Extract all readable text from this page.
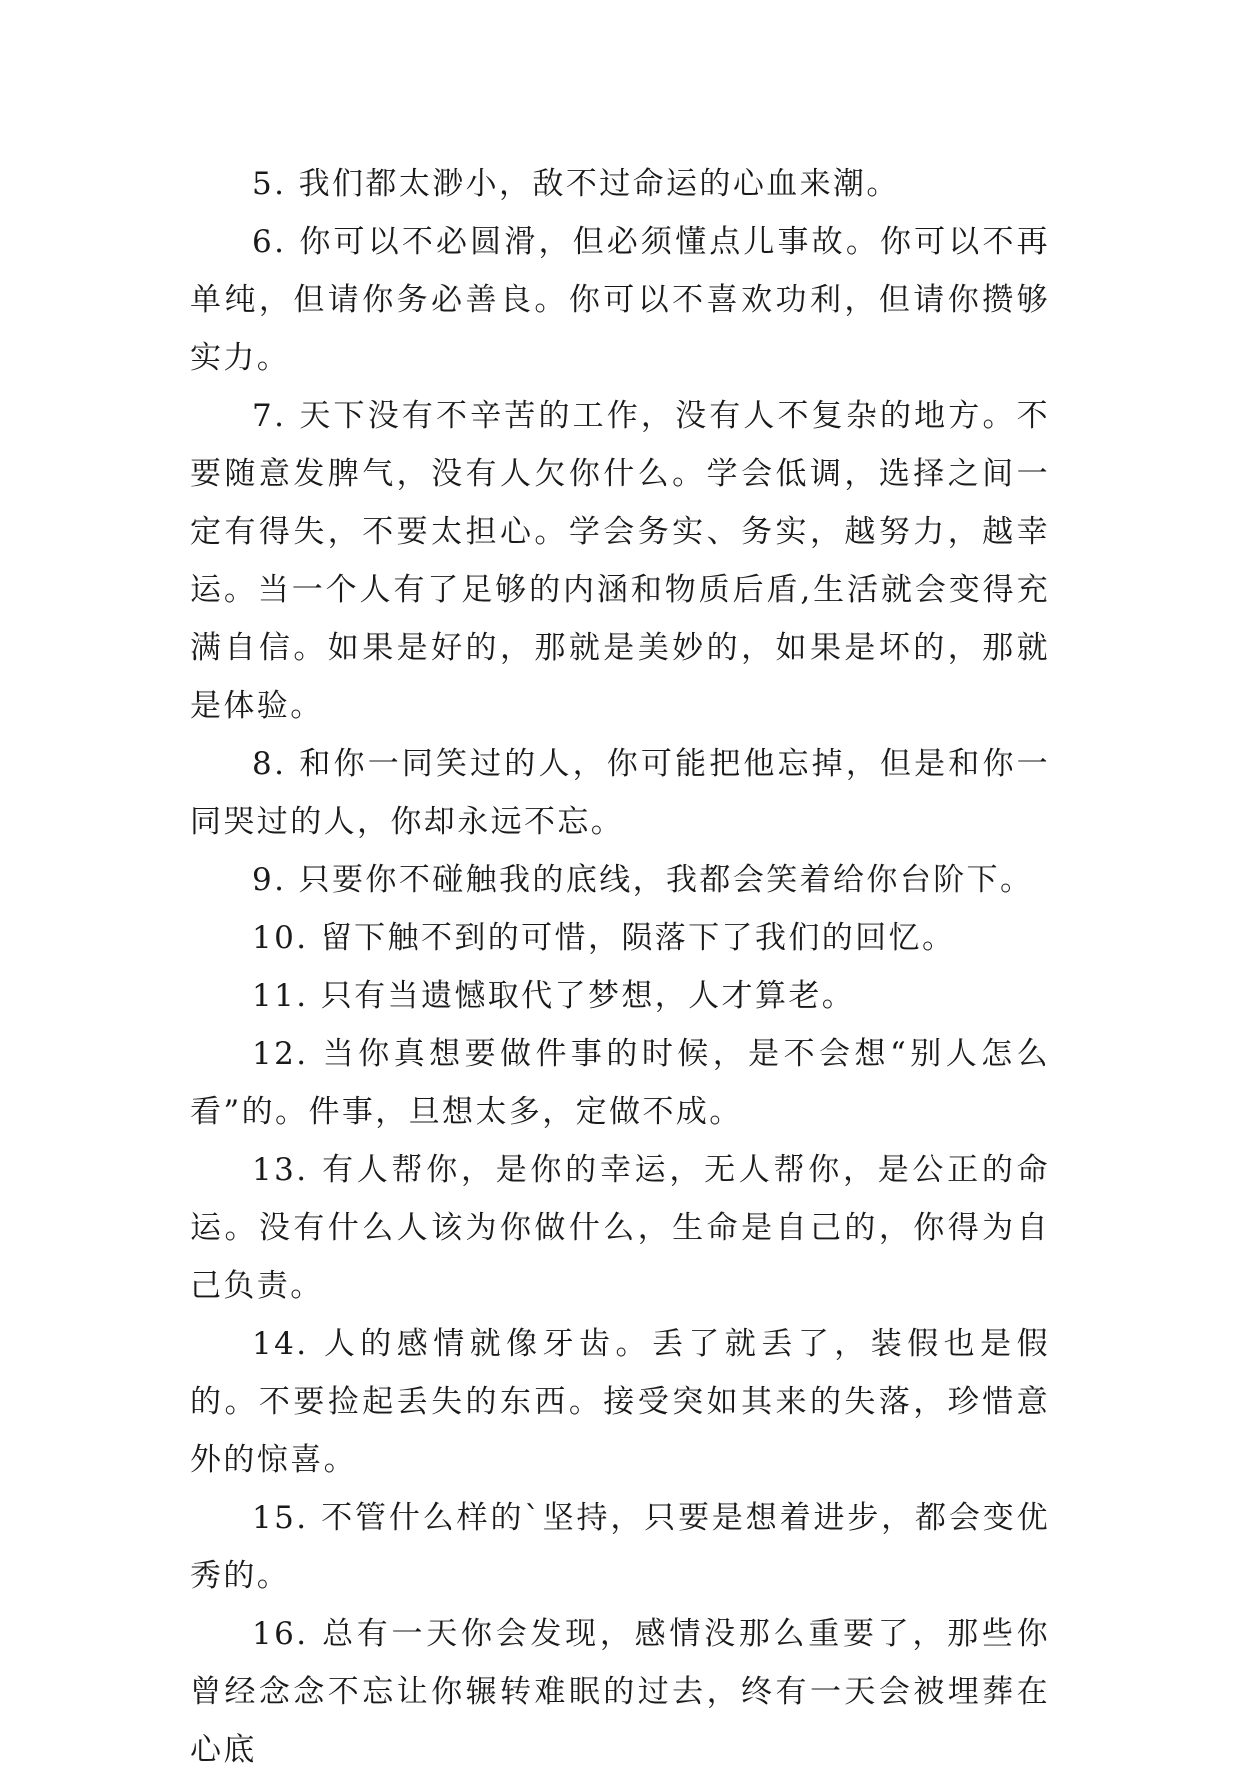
5. 我们都太渺小，敌不过命运的心血来潮。

6. 你可以不必圆滑，但必须懂点儿事故。你可以不再单纯，但请你务必善良。你可以不喜欢功利，但请你攒够实力。

7. 天下没有不辛苦的工作，没有人不复杂的地方。不要随意发脾气，没有人欠你什么。学会低调，选择之间一定有得失，不要太担心。学会务实、务实，越努力，越幸运。当一个人有了足够的内涵和物质后盾,生活就会变得充满自信。如果是好的，那就是美妙的，如果是坏的，那就是体验。

8. 和你一同笑过的人，你可能把他忘掉，但是和你一同哭过的人，你却永远不忘。

9. 只要你不碰触我的底线，我都会笑着给你台阶下。

10. 留下触不到的可惜，陨落下了我们的回忆。

11. 只有当遗憾取代了梦想，人才算老。

12. 当你真想要做件事的时候，是不会想“别人怎么看”的。件事，旦想太多，定做不成。

13. 有人帮你，是你的幸运，无人帮你，是公正的命运。没有什么人该为你做什么，生命是自己的，你得为自己负责。

14. 人的感情就像牙齿。丢了就丢了，装假也是假的。不要捡起丢失的东西。接受突如其来的失落，珍惜意外的惊喜。

15. 不管什么样的`坚持，只要是想着进步，都会变优秀的。

16. 总有一天你会发现，感情没那么重要了，那些你曾经念念不忘让你辗转难眠的过去，终有一天会被埋葬在心底
